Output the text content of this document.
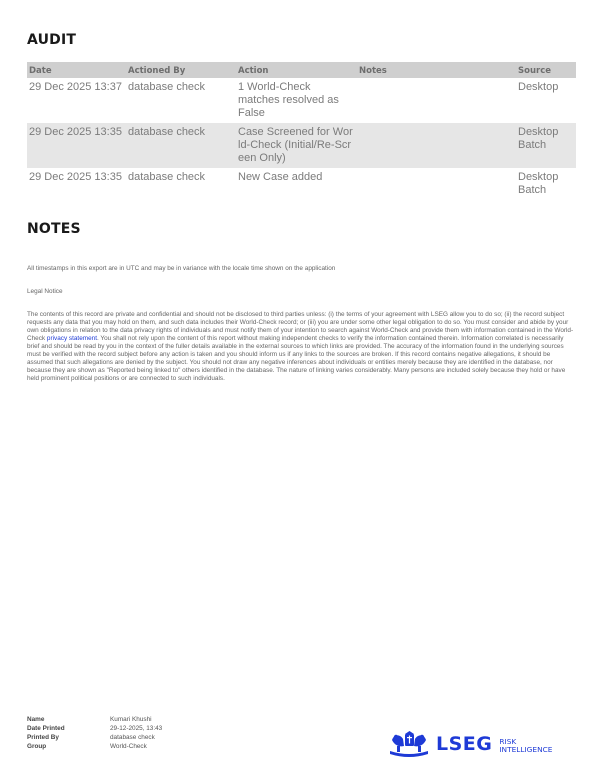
AUDIT
Date	Actioned By	Action	Notes	Source
29 Dec 2025 13:37	database check	1 World-Check matches resolved as False		Desktop
29 Dec 2025 13:35	database check	Case Screened for World-Check (Initial/Re-Screen Only)		Desktop Batch
29 Dec 2025 13:35	database check	New Case added		Desktop Batch
NOTES
All timestamps in this export are in UTC and may be in variance with the locale time shown on the application
Legal Notice
The contents of this record are private and confidential and should not be disclosed to third parties unless: (i) the terms of your agreement with LSEG allow you to do so; (ii) the record subject requests any data that you may hold on them, and such data includes their World-Check record; or (iii) you are under some other legal obligation to do so. You must consider and abide by your own obligations in relation to the data privacy rights of individuals and must notify them of your intention to search against World-Check and provide them with information contained in the World-Check privacy statement. You shall not rely upon the content of this report without making independent checks to verify the information contained therein. Information correlated is necessarily brief and should be read by you in the context of the fuller details available in the external sources to which links are provided. The accuracy of the information found in the underlying sources must be verified with the record subject before any action is taken and you should inform us if any links to the sources are broken. If this record contains negative allegations, it should be assumed that such allegations are denied by the subject. You should not draw any negative inferences about individuals or entities merely because they are identified in the database, nor because they are shown as "Reported being linked to" others identified in the database. The nature of linking varies considerably. Many persons are included solely because they hold or have held prominent political positions or are connected to such individuals.
Name	Kumari Khushi
Date Printed	29-12-2025, 13:43
Printed By	database check
Group	World-Check	LSEG RISK
INTELLIGENCE
